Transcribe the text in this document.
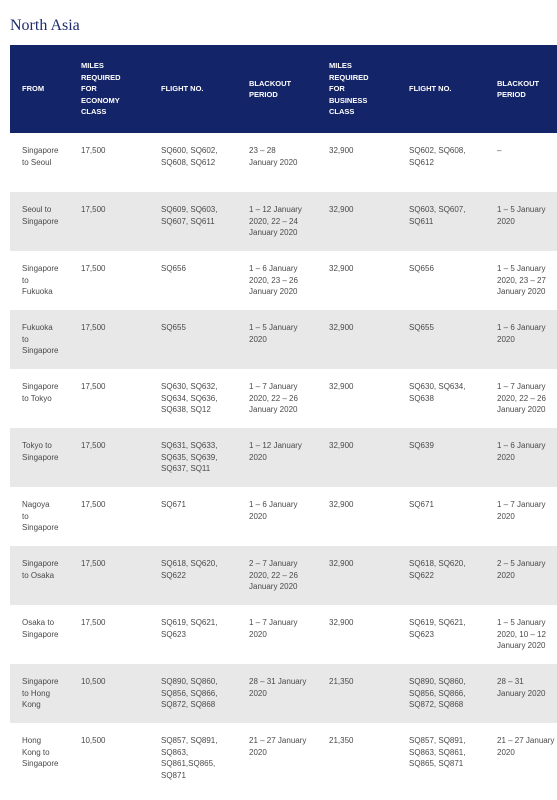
North Asia
FROM	MILES
REQUIRED
FOR
ECONOMY
CLASS	FLIGHT NO.	BLACKOUT
PERIOD	MILES
REQUIRED
FOR
BUSINESS
CLASS	FLIGHT NO.	BLACKOUT
PERIOD

Singapore
to Seoul	17,500	SQ600, SQ602,
SQ608, SQ612	23 – 28
January 2020	32,900	SQ602, SQ608,
SQ612	–

Seoul to
Singapore	17,500	SQ609, SQ603,
SQ607, SQ611	1 – 12 January
2020, 22 – 24
January 2020	32,900	SQ603, SQ607,
SQ611	1 – 5 January
2020

Singapore
to
Fukuoka	17,500	SQ656	1 – 6 January
2020, 23 – 26
January 2020	32,900	SQ656	1 – 5 January
2020, 23 – 27
January 2020

Fukuoka
to
Singapore	17,500	SQ655	1 – 5 January
2020	32,900	SQ655	1 – 6 January
2020

Singapore
to Tokyo	17,500	SQ630, SQ632,
SQ634, SQ636,
SQ638, SQ12	1 – 7 January
2020, 22 – 26
January 2020	32,900	SQ630, SQ634,
SQ638	1 – 7 January
2020, 22 – 26
January 2020

Tokyo to
Singapore	17,500	SQ631, SQ633,
SQ635, SQ639,
SQ637, SQ11	1 – 12 January
2020	32,900	SQ639	1 – 6 January
2020

Nagoya
to
Singapore	17,500	SQ671	1 – 6 January
2020	32,900	SQ671	1 – 7 January
2020

Singapore
to Osaka	17,500	SQ618, SQ620,
SQ622	2 – 7 January
2020, 22 – 26
January 2020	32,900	SQ618, SQ620,
SQ622	2 – 5 January
2020

Osaka to
Singapore	17,500	SQ619, SQ621,
SQ623	1 – 7 January
2020	32,900	SQ619, SQ621,
SQ623	1 – 5 January
2020, 10 – 12
January 2020

Singapore
to Hong
Kong	10,500	SQ890, SQ860,
SQ856, SQ866,
SQ872, SQ868	28 – 31 January
2020	21,350	SQ890, SQ860,
SQ856, SQ866,
SQ872, SQ868	28 – 31
January 2020

Hong
Kong to
Singapore	10,500	SQ857, SQ891,
SQ863,
SQ861,SQ865,
SQ871	21 – 27 January
2020	21,350	SQ857, SQ891,
SQ863, SQ861,
SQ865, SQ871	21 – 27 January
2020
